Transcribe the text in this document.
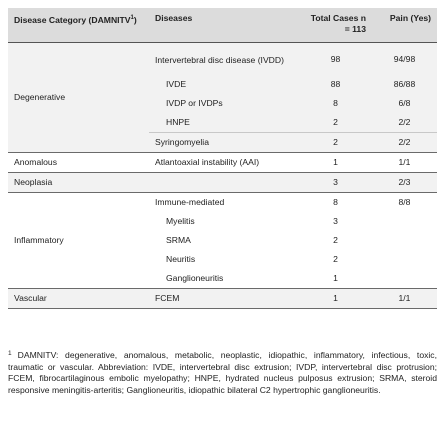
Disease Category (DAMNITV$^1$)	Diseases	Total Cases n = 113	Pain (Yes)
Degenerative	Intervertebral disc disease (IVDD)	98	94/98
	IVDE	88	86/88
	IVDP or IVDPs	8	6/8
	HNPE	2	2/2
	Syringomyelia	2	2/2
Anomalous	Atlantoaxial instability (AAI)	1	1/1
Neoplasia		3	2/3
Inflammatory	Immune-mediated	8	8/8
	Myelitis	3	
	SRMA	2	
	Neuritis	2	
	Ganglioneuritis	1	
Vascular	FCEM	1	1/1
$^1$ DAMNITV: degenerative, anomalous, metabolic, neoplastic, idiopathic, inflammatory, infectious, toxic, traumatic or vascular. Abbreviation: IVDE, intervertebral disc extrusion; IVDP, intervertebral disc protrusion; FCEM, fibrocartilaginous embolic myelopathy; HNPE, hydrated nucleus pulposus extrusion; SRMA, steroid responsive meningitis-arteritis; Ganglioneuritis, idiopathic bilateral C2 hypertrophic ganglioneuritis.
